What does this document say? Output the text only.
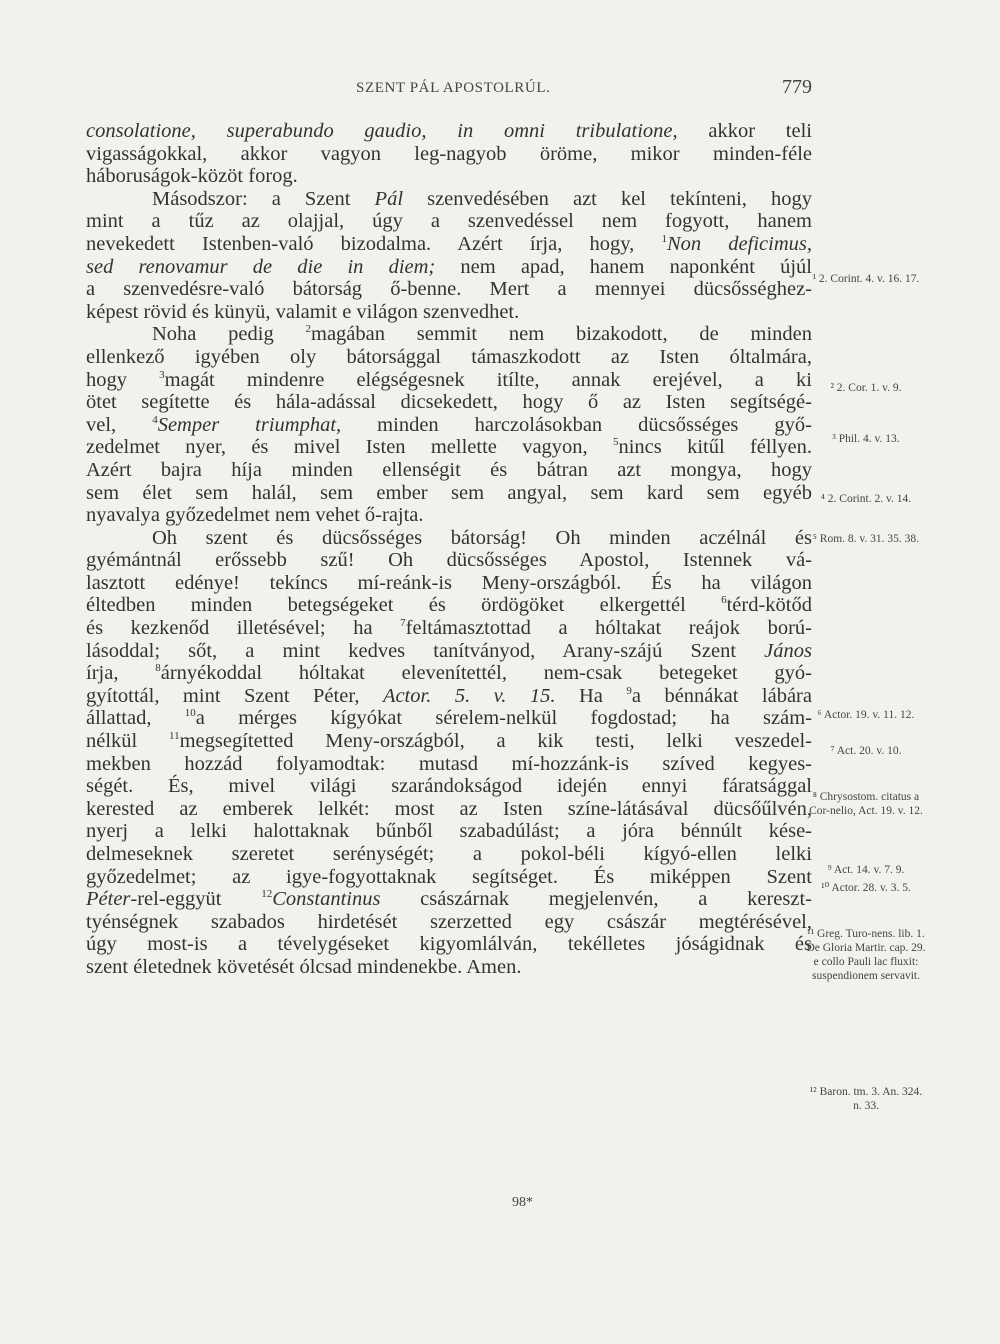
SZENT PÁL APOSTOLRÚL.	779
consolatione, superabundo gaudio, in omni tribulatione, akkor teli
vigasságokkal, akkor vagyon leg-nagyob öröme, mikor minden-féle
háboruságok-közöt forog.
Másodszor: a Szent Pál szenvedésében azt kel tekínteni, hogy
mint a tűz az olajjal, úgy a szenvedéssel nem fogyott, hanem
nevekedett Istenben-való bizodalma. Azért írja, hogy, $^1$Non deficimus,
sed renovamur de die in diem; nem apad, hanem naponként újúl
a szenvedésre-való bátorság ő-benne. Mert a mennyei dücsősséghez-
képest rövid és künyü, valamit e világon szenvedhet.
Noha pedig $^2$magában semmit nem bizakodott, de minden
ellenkező igyében oly bátorsággal támaszkodott az Isten óltalmára,
hogy $^3$magát mindenre elégségesnek itílte, annak erejével, a ki
ötet segítette és hála-adással dicsekedett, hogy ő az Isten segítségé-
vel, $^4$Semper triumphat, minden harczolásokban dücsősséges győ-
zedelmet nyer, és mivel Isten mellette vagyon, $^5$nincs kitűl féllyen.
Azért bajra híja minden ellenségit és bátran azt mongya, hogy
sem élet sem halál, sem ember sem angyal, sem kard sem egyéb
nyavalya győzedelmet nem vehet ő-rajta.
Oh szent és dücsősséges bátorság! Oh minden aczélnál és
gyémántnál erőssebb szű! Oh dücsősséges Apostol, Istennek vá-
lasztott edénye! tekíncs mí-reánk-is Meny-országból. És ha világon
éltedben minden betegségeket és ördögöket elkergettél $^6$térd-kötőd
és kezkenőd illetésével; ha $^7$feltámasztottad a hóltakat reájok ború-
lásoddal; sőt, a mint kedves tanítványod, Arany-szájú Szent János
írja, $^8$árnyékoddal hóltakat elevenítettél, nem-csak betegeket gyó-
gyítottál, mint Szent Péter, Actor. 5. v. 15. Ha $^9$a bénnákat lábára
állattad, $^{10}$a mérges kígyókat sérelem-nelkül fogdostad; ha szám-
nélkül $^{11}$megsegítetted Meny-országból, a kik testi, lelki veszedel-
mekben hozzád folyamodtak: mutasd mí-hozzánk-is szíved kegyes-
ségét. És, mivel világi szarándokságod idején ennyi fáratsággal
kerested az emberek lelkét: most az Isten színe-látásával dücsőűlvén,
nyerj a lelki halottaknak bűnből szabadúlást; a jóra bénnúlt kése-
delmeseknek szeretet serénységét; a pokol-béli kígyó-ellen lelki
győzedelmet; az igye-fogyottaknak segítséget. És miképpen Szent
Péter-rel-eggyüt $^{12}$Constantinus császárnak megjelenvén, a kereszt-
tyénségnek szabados hirdetését szerzetted egy császár megtérésével,
úgy most-is a tévelygéseket kigyomlálván, tekélletes jóságidnak és
szent életednek követését ólcsad mindenekbe. Amen.
¹ 2. Corint. 4. v. 16. 17.
² 2. Cor. 1. v. 9.
³ Phil. 4. v. 13.
⁴ 2. Corint. 2. v. 14.
⁵ Rom. 8. v. 31. 35. 38.
⁶ Actor. 19. v. 11. 12.
⁷ Act. 20. v. 10.
⁸ Chrysostom. citatus a Cor-nelio, Act. 19. v. 12.
⁹ Act. 14. v. 7. 9.
¹⁰ Actor. 28. v. 3. 5.
¹¹ Greg. Turo-nens. lib. 1. De Gloria Martir. cap. 29. e collo Pauli lac fluxit: suspendionem servavit.
¹² Baron. tm. 3. An. 324. n. 33.
98*
